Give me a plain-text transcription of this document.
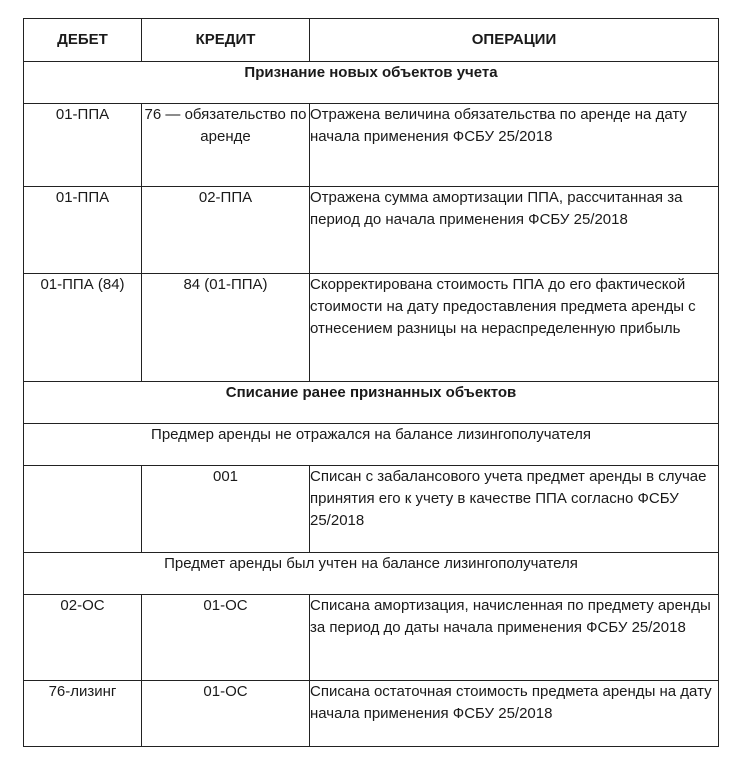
ДЕБЕТ	КРЕДИТ	ОПЕРАЦИИ
Признание новых объектов учета		
01-ППА	76 — обязательство по аренде	Отражена величина обязательства по аренде на дату начала применения ФСБУ 25/2018
01-ППА	02-ППА	Отражена сумма амортизации ППА, рассчитанная за период до начала применения ФСБУ 25/2018
01-ППА (84)	84 (01-ППА)	Скорректирована стоимость ППА до его фактической стоимости на дату предоставления предмета аренды с отнесением разницы на нераспределенную прибыль
Списание ранее признанных объектов		
Предмер аренды не отражался на балансе лизингополучателя		
	001	Списан с забалансового учета предмет аренды в случае принятия его к учету в качестве ППА согласно ФСБУ 25/2018
Предмет аренды был учтен на балансе лизингополучателя		
02-ОС	01-ОС	Списана амортизация, начисленная по предмету аренды за период до даты начала применения ФСБУ 25/2018
76-лизинг	01-ОС	Списана остаточная стоимость предмета аренды на дату начала применения ФСБУ 25/2018
